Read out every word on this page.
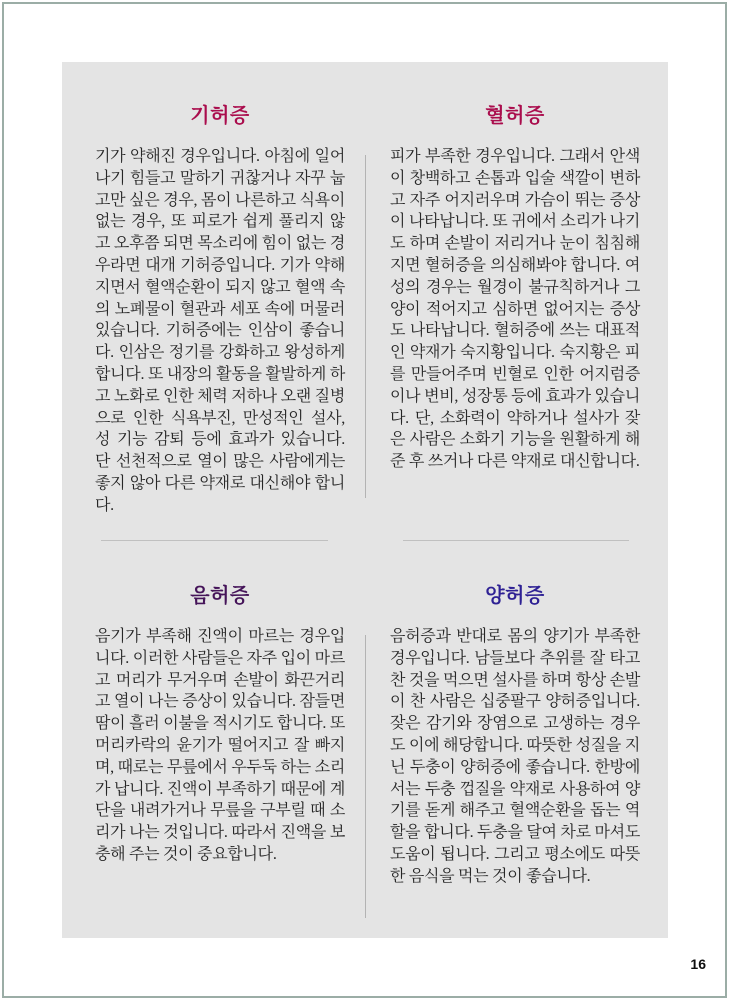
기허증

기가 약해진 경우입니다. 아침에 일어나기 힘들고 말하기 귀찮거나 자꾸 눕고만 싶은 경우, 몸이 나른하고 식욕이 없는 경우, 또 피로가 쉽게 풀리지 않고 오후쯤 되면 목소리에 힘이 없는 경우라면 대개 기허증입니다. 기가 약해지면서 혈액순환이 되지 않고 혈액 속의 노폐물이 혈관과 세포 속에 머물러 있습니다. 기허증에는 인삼이 좋습니다. 인삼은 정기를 강화하고 왕성하게 합니다. 또 내장의 활동을 활발하게 하고 노화로 인한 체력 저하나 오랜 질병으로 인한 식욕부진, 만성적인 설사, 성 기능 감퇴 등에 효과가 있습니다. 단 선천적으로 열이 많은 사람에게는 좋지 않아 다른 약재로 대신해야 합니다.

혈허증

피가 부족한 경우입니다. 그래서 안색이 창백하고 손톱과 입술 색깔이 변하고 자주 어지러우며 가슴이 뛰는 증상이 나타납니다. 또 귀에서 소리가 나기도 하며 손발이 저리거나 눈이 침침해지면 혈허증을 의심해봐야 합니다. 여성의 경우는 월경이 불규칙하거나 그 양이 적어지고 심하면 없어지는 증상도 나타납니다. 혈허증에 쓰는 대표적인 약재가 숙지황입니다. 숙지황은 피를 만들어주며 빈혈로 인한 어지럼증이나 변비, 성장통 등에 효과가 있습니다. 단, 소화력이 약하거나 설사가 잦은 사람은 소화기 기능을 원활하게 해 준 후 쓰거나 다른 약재로 대신합니다.

음허증

음기가 부족해 진액이 마르는 경우입니다. 이러한 사람들은 자주 입이 마르고 머리가 무거우며 손발이 화끈거리고 열이 나는 증상이 있습니다. 잠들면 땀이 흘러 이불을 적시기도 합니다. 또 머리카락의 윤기가 떨어지고 잘 빠지며, 때로는 무릎에서 우두둑 하는 소리가 납니다. 진액이 부족하기 때문에 계단을 내려가거나 무릎을 구부릴 때 소리가 나는 것입니다. 따라서 진액을 보충해 주는 것이 중요합니다.

양허증

음허증과 반대로 몸의 양기가 부족한 경우입니다. 남들보다 추위를 잘 타고 찬 것을 먹으면 설사를 하며 항상 손발이 찬 사람은 십중팔구 양허증입니다. 잦은 감기와 장염으로 고생하는 경우도 이에 해당합니다. 따뜻한 성질을 지닌 두충이 양허증에 좋습니다. 한방에서는 두충 껍질을 약재로 사용하여 양기를 돋게 해주고 혈액순환을 돕는 역할을 합니다. 두충을 달여 차로 마셔도 도움이 됩니다. 그리고 평소에도 따뜻한 음식을 먹는 것이 좋습니다.

16
